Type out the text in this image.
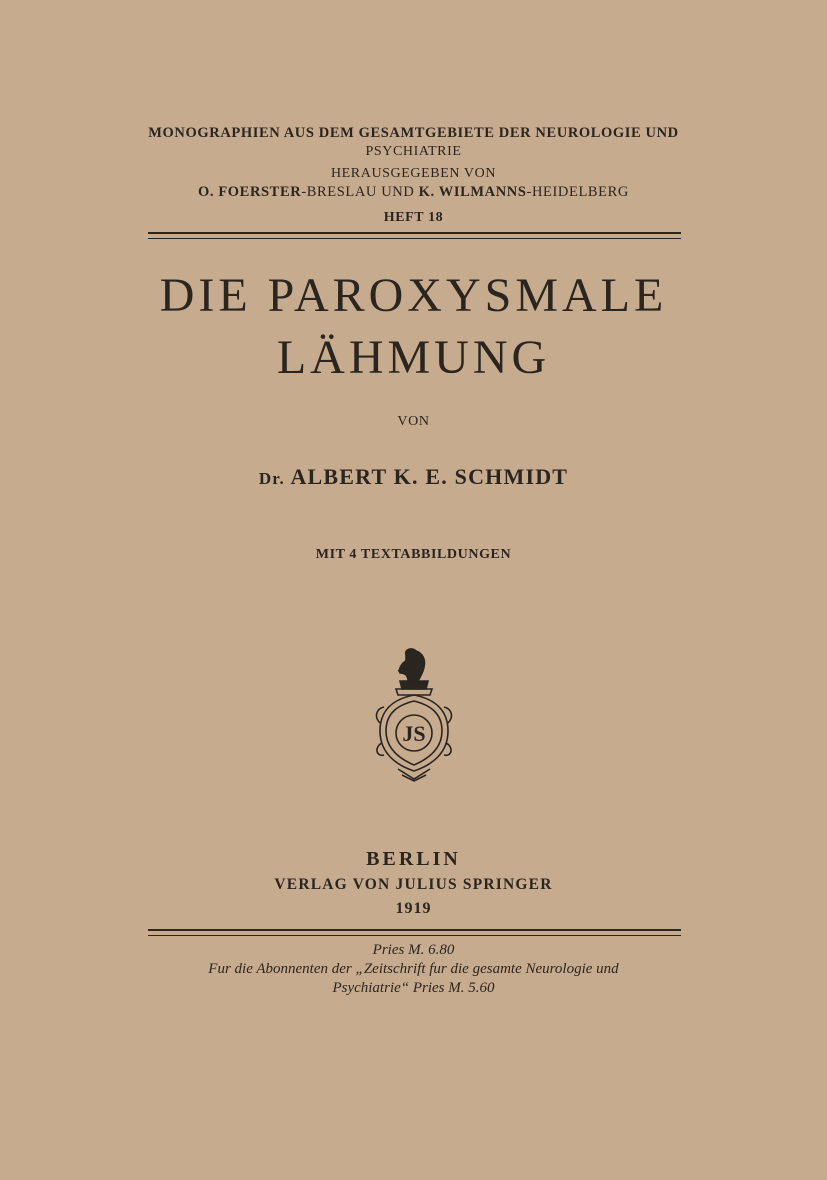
MONOGRAPHIEN AUS DEM GESAMTGEBIETE DER NEUROLOGIE UND
PSYCHIATRIE
HERAUSGEGEBEN VON
O. FOERSTER-BRESLAU UND K. WILMANNS-HEIDELBERG
HEFT 18
DIE PAROXYSMALE
LÄHMUNG
VON
Dr. ALBERT K. E. SCHMIDT
MIT 4 TEXTABBILDUNGEN
JS
BERLIN
VERLAG VON JULIUS SPRINGER
1919
Pries M. 6.80
Fur die Abonnenten der „Zeitschrift fur die gesamte Neurologie und
Psychiatrie“ Pries M. 5.60
